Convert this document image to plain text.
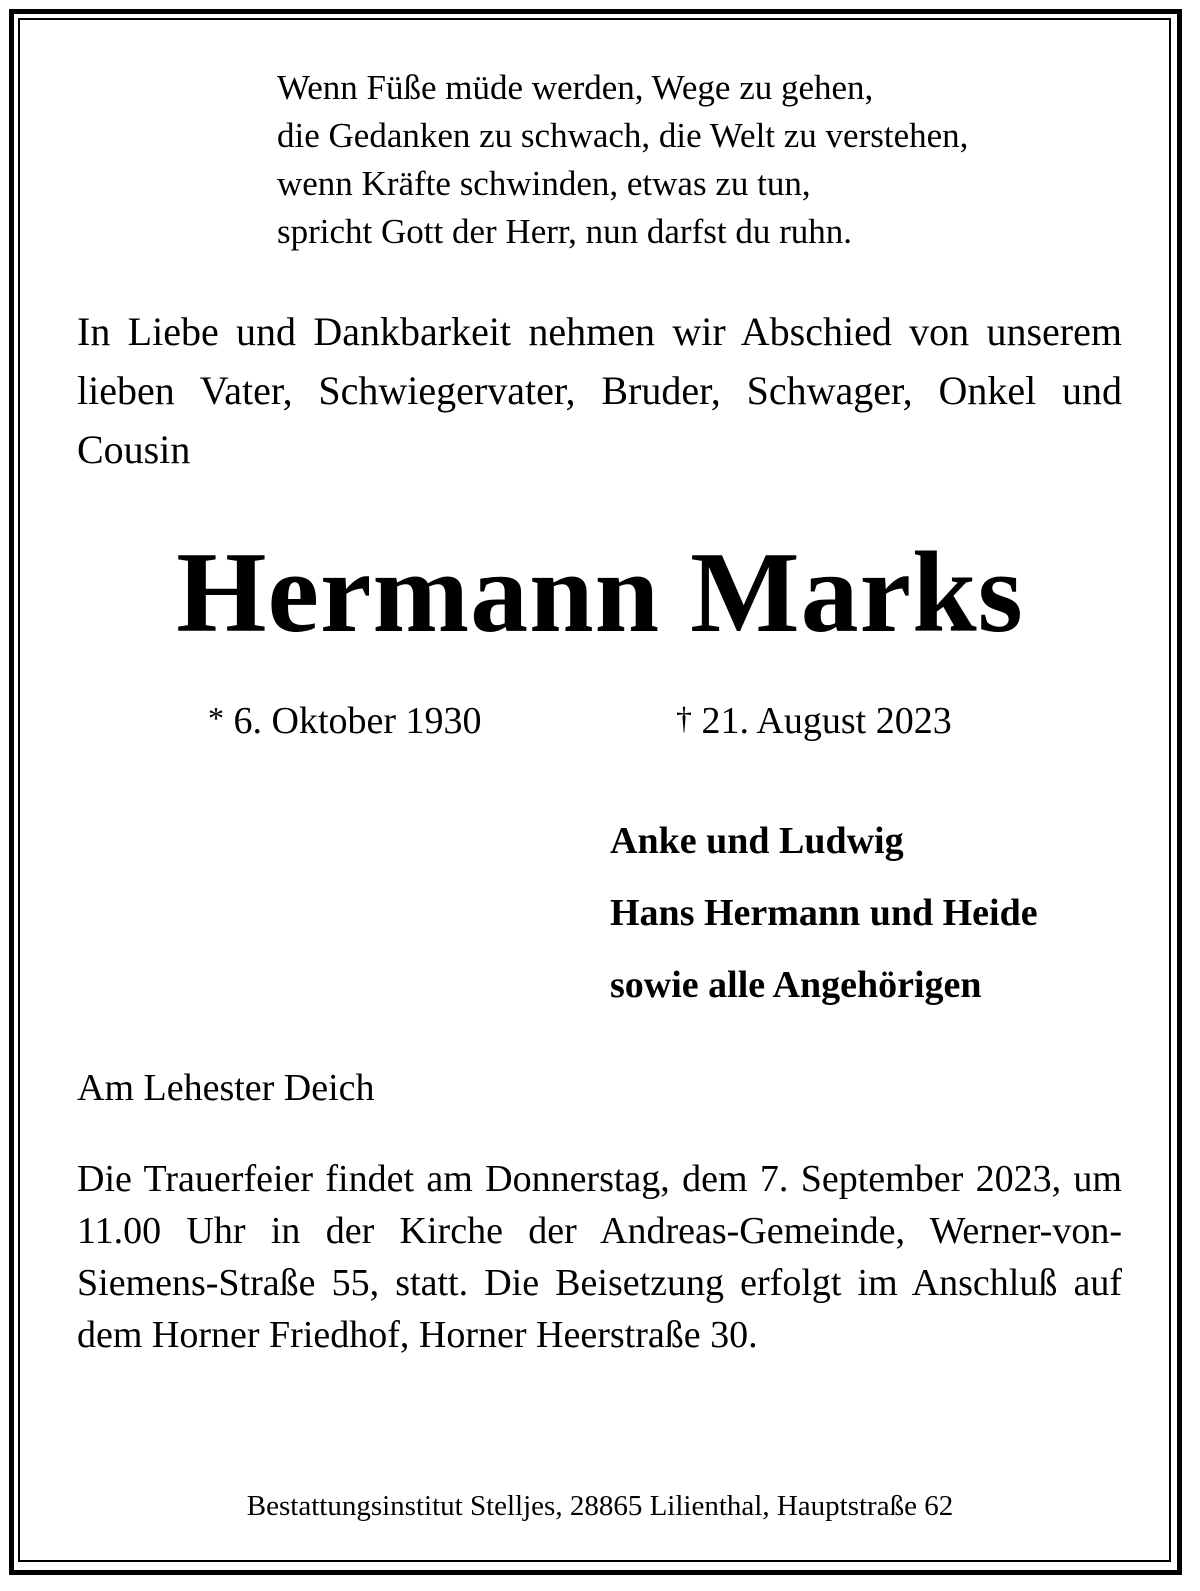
Wenn Füße müde werden, Wege zu gehen,
die Gedanken zu schwach, die Welt zu verstehen,
wenn Kräfte schwinden, etwas zu tun,
spricht Gott der Herr, nun darfst du ruhn.
In Liebe und Dankbarkeit nehmen wir Abschied von unserem lieben Vater, Schwiegervater, Bruder, Schwager, Onkel und Cousin
Hermann Marks
* 6. Oktober 1930	† 21. August 2023
Anke und Ludwig
Hans Hermann und Heide
sowie alle Angehörigen
Am Lehester Deich
Die Trauerfeier findet am Donnerstag, dem 7. September 2023, um 11.00 Uhr in der Kirche der Andreas-Gemeinde, Werner-von-Siemens-Straße 55, statt. Die Beisetzung erfolgt im Anschluß auf dem Horner Friedhof, Horner Heerstraße 30.
Bestattungsinstitut Stelljes, 28865 Lilienthal, Hauptstraße 62
